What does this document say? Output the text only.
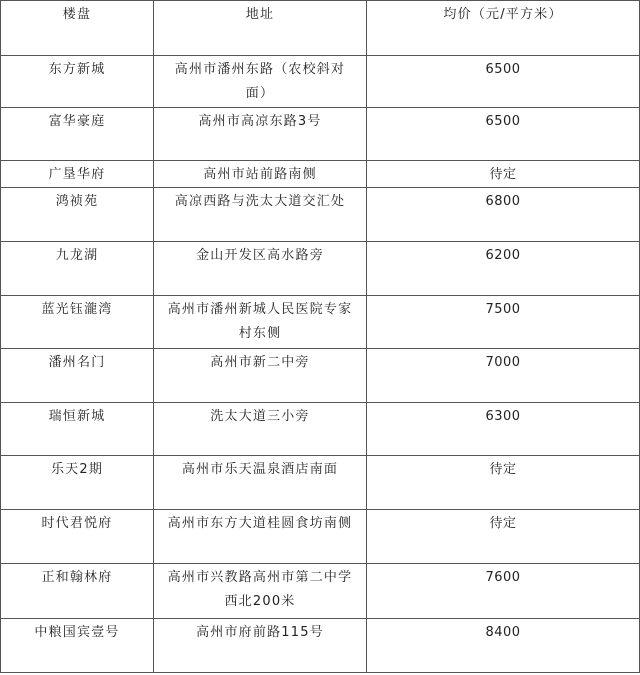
楼盘	地址	均价（元/平方米）
东方新城	高州市潘州东路（农校斜对面）	6500
富华豪庭	高州市高凉东路3号	6500
广垦华府	高州市站前路南侧	待定
鸿祯苑	高凉西路与洗太大道交汇处	6800
九龙湖	金山开发区高水路旁	6200
蓝光钰瀧湾	高州市潘州新城人民医院专家村东侧	7500
潘州名门	高州市新二中旁	7000
瑞恒新城	洗太大道三小旁	6300
乐天2期	高州市乐天温泉酒店南面	待定
时代君悦府	高州市东方大道桂圆食坊南侧	待定
正和翰林府	高州市兴教路高州市第二中学西北200米	7600
中粮国宾壹号	高州市府前路115号	8400
